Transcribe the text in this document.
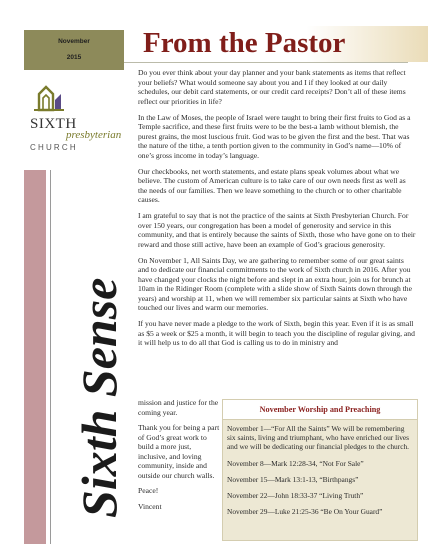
November
2015
SIXTH
presbyterian
CHURCH
Sixth Sense
From the Pastor

Do you ever think about your day planner and your bank statements as items that reflect your beliefs? What would someone say about you and I if they looked at our daily schedules, our debit card statements, or our credit card receipts? Don’t all of these items reflect our priorities in life?

In the Law of Moses, the people of Israel were taught to bring their first fruits to God as a Temple sacrifice, and these first fruits were to be the best-a lamb without blemish, the purest grains, the most luscious fruit. God was to be given the first and the best. That was the nature of the tithe, a tenth portion given to the community in God’s name—10% of one’s gross income in today’s language.

Our checkbooks, net worth statements, and estate plans speak volumes about what we believe. The custom of American culture is to take care of our own needs first as well as the needs of our families. Then we leave something to the church or to other charitable causes.

I am grateful to say that is not the practice of the saints at Sixth Presbyterian Church. For over 150 years, our congregation has been a model of generosity and service in this community, and that is entirely because the saints of Sixth, those who have gone on to their reward and those still active, have been an example of God’s gracious generosity.

On November 1, All Saints Day, we are gathering to remember some of our great saints and to dedicate our financial commitments to the work of Sixth church in 2016. After you have changed your clocks the night before and slept in an extra hour, join us for brunch at 10am in the Ridinger Room (complete with a slide show of Sixth Saints down through the years) and worship at 11, when we will remember six particular saints at Sixth who have touched our lives and warm our memories.

If you have never made a pledge to the work of Sixth, begin this year. Even if it is as small as $5 a week or $25 a month, it will begin to teach you the discipline of regular giving, and it will help us to do all that God is calling us to do in ministry and

mission and justice for the coming year.

Thank you for being a part of God’s great work to build a more just, inclusive, and loving community, inside and outside our church walls.

Peace!

Vincent

November Worship and Preaching

November 1—“For All the Saints” We will be remembering six saints, living and triumphant, who have enriched our lives and we will be dedicating our financial pledges to the church.

November 8—Mark 12:28-34, “Not For Sale”

November 15—Mark 13:1-13, “Birthpangs”

November 22—John 18:33-37 “Living Truth”

November 29—Luke 21:25-36 “Be On Your Guard”
